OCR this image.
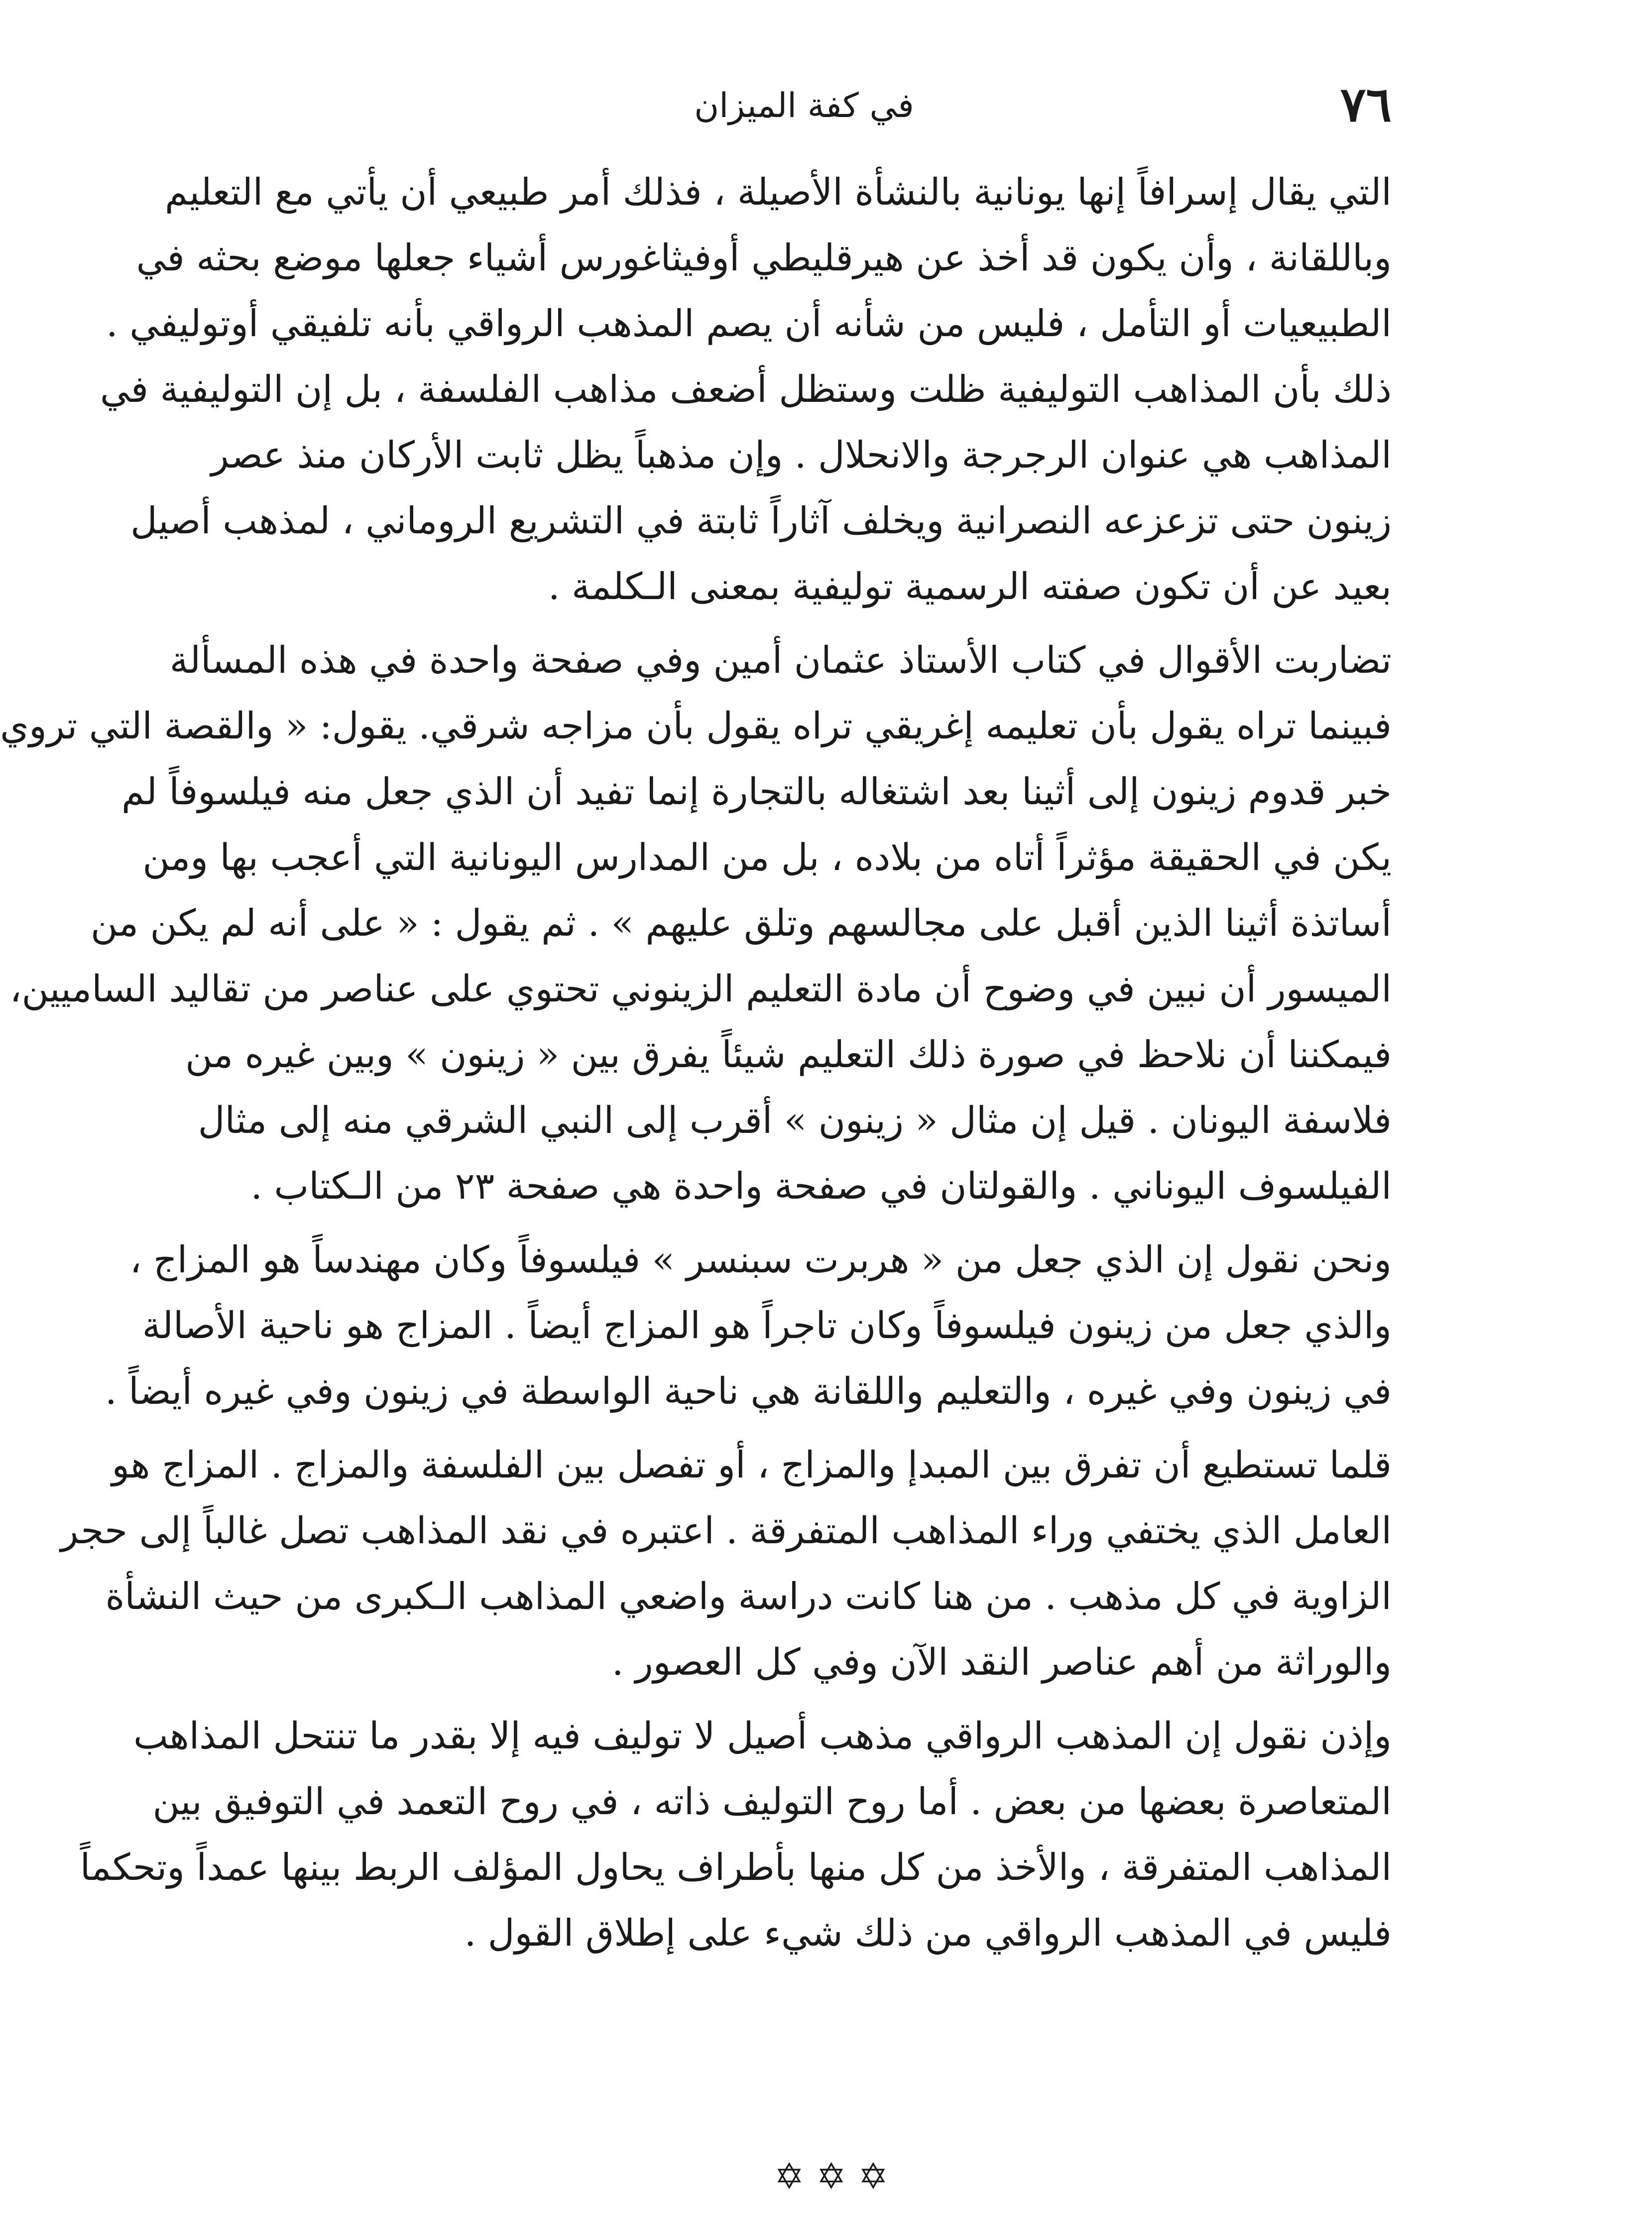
٧٦
في كفة الميزان
التي يقال إسرافاً إنها يونانية بالنشأة الأصيلة ، فذلك أمر طبيعي أن يأتي مع التعليم
وباللقانة ، وأن يكون قد أخذ عن هيرقليطي أوفيثاغورس أشياء جعلها موضع بحثه في
الطبيعيات أو التأمل ، فليس من شأنه أن يصم المذهب الرواقي بأنه تلفيقي أوتوليفي .
ذلك بأن المذاهب التوليفية ظلت وستظل أضعف مذاهب الفلسفة ، بل إن التوليفية في
المذاهب هي عنوان الرجرجة والانحلال . وإن مذهباً يظل ثابت الأركان منذ عصر
زينون حتى تزعزعه النصرانية ويخلف آثاراً ثابتة في التشريع الروماني ، لمذهب أصيل
بعيد عن أن تكون صفته الرسمية توليفية بمعنى الـكلمة .
تضاربت الأقوال في كتاب الأستاذ عثمان أمين وفي صفحة واحدة في هذه المسألة
فبينما تراه يقول بأن تعليمه إغريقي تراه يقول بأن مزاجه شرقي. يقول: « والقصة التي تروي
خبر قدوم زينون إلى أثينا بعد اشتغاله بالتجارة إنما تفيد أن الذي جعل منه فيلسوفاً لم
يكن في الحقيقة مؤثراً أتاه من بلاده ، بل من المدارس اليونانية التي أعجب بها ومن
أساتذة أثينا الذين أقبل على مجالسهم وتلق عليهم » . ثم يقول : « على أنه لم يكن من
الميسور أن نبين في وضوح أن مادة التعليم الزينوني تحتوي على عناصر من تقاليد الساميين،
فيمكننا أن نلاحظ في صورة ذلك التعليم شيئاً يفرق بين « زينون » وبين غيره من
فلاسفة اليونان . قيل إن مثال « زينون » أقرب إلى النبي الشرقي منه إلى مثال
الفيلسوف اليوناني . والقولتان في صفحة واحدة هي صفحة ٢٣ من الـكتاب .
ونحن نقول إن الذي جعل من « هربرت سبنسر » فيلسوفاً وكان مهندساً هو المزاج ،
والذي جعل من زينون فيلسوفاً وكان تاجراً هو المزاج أيضاً . المزاج هو ناحية الأصالة
في زينون وفي غيره ، والتعليم واللقانة هي ناحية الواسطة في زينون وفي غيره أيضاً .
قلما تستطيع أن تفرق بين المبدإ والمزاج ، أو تفصل بين الفلسفة والمزاج . المزاج هو
العامل الذي يختفي وراء المذاهب المتفرقة . اعتبره في نقد المذاهب تصل غالباً إلى حجر
الزاوية في كل مذهب . من هنا كانت دراسة واضعي المذاهب الـكبرى من حيث النشأة
والوراثة من أهم عناصر النقد الآن وفي كل العصور .
وإذن نقول إن المذهب الرواقي مذهب أصيل لا توليف فيه إلا بقدر ما تنتحل المذاهب
المتعاصرة بعضها من بعض . أما روح التوليف ذاته ، في روح التعمد في التوفيق بين
المذاهب المتفرقة ، والأخذ من كل منها بأطراف يحاول المؤلف الربط بينها عمداً وتحكماً
فليس في المذهب الرواقي من ذلك شيء على إطلاق القول .
✡✡✡
